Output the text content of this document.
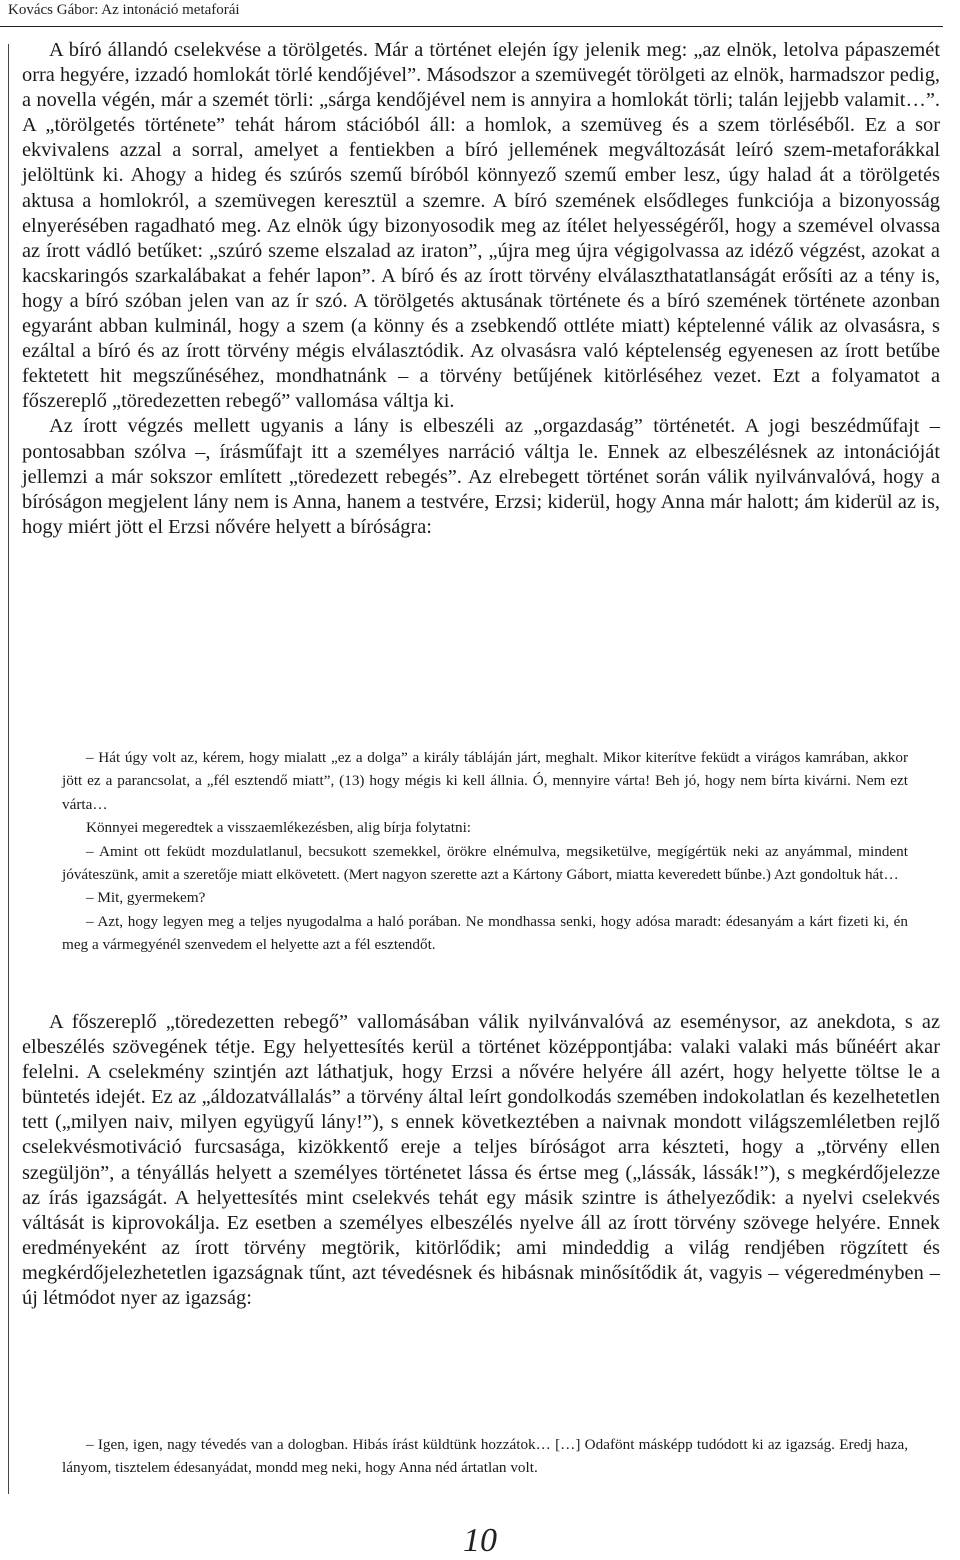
Kovács Gábor: Az intonáció metaforái

A bíró állandó cselekvése a törölgetés. Már a történet elején így jelenik meg: „az elnök, letolva pápaszemét orra hegyére, izzadó homlokát törlé kendőjével”. Másodszor a szemüvegét törölgeti az elnök, harmadszor pedig, a novella végén, már a szemét törli: „sárga kendőjével nem is annyira a homlokát törli; talán lejjebb valamit…”. A „törölgetés története” tehát három stációból áll: a homlok, a szemüveg és a szem törléséből. Ez a sor ekvivalens azzal a sorral, amelyet a fentiekben a bíró jellemének megváltozását leíró szem-metaforákkal jelöltünk ki. Ahogy a hideg és szúrós szemű bíróból könnyező szemű ember lesz, úgy halad át a törölgetés aktusa a homlokról, a szemüvegen keresztül a szemre. A bíró szemének elsődleges funkciója a bizonyosság elnyerésében ragadható meg. Az elnök úgy bizonyosodik meg az ítélet helyességéről, hogy a szemével olvassa az írott vádló betűket: „szúró szeme elszalad az iraton”, „újra meg újra végigolvassa az idéző végzést, azokat a kacskaringós szarkalábakat a fehér lapon”. A bíró és az írott törvény elválaszthatatlanságát erősíti az a tény is, hogy a bíró szóban jelen van az ír szó. A törölgetés aktusának története és a bíró szemének története azonban egyaránt abban kulminál, hogy a szem (a könny és a zsebkendő ottléte miatt) képtelenné válik az olvasásra, s ezáltal a bíró és az írott törvény mégis elválasztódik. Az olvasásra való képtelenség egyenesen az írott betűbe fektetett hit megszűnéséhez, mondhatnánk – a törvény betűjének kitörléséhez vezet. Ezt a folyamatot a főszereplő „töredezetten rebegő” vallomása váltja ki.

Az írott végzés mellett ugyanis a lány is elbeszéli az „orgazdaság” történetét. A jogi beszédműfajt – pontosabban szólva –, írásműfajt itt a személyes narráció váltja le. Ennek az elbeszélésnek az intonációját jellemzi a már sokszor említett „töredezett rebegés”. Az elrebegett történet során válik nyilvánvalóvá, hogy a bíróságon megjelent lány nem is Anna, hanem a testvére, Erzsi; kiderül, hogy Anna már halott; ám kiderül az is, hogy miért jött el Erzsi nővére helyett a bíróságra:

– Hát úgy volt az, kérem, hogy mialatt „ez a dolga” a király tábláján járt, meghalt. Mikor kiterítve feküdt a virágos kamrában, akkor jött ez a parancsolat, a „fél esztendő miatt”, (13) hogy mégis ki kell állnia. Ó, mennyire várta! Beh jó, hogy nem bírta kivárni. Nem ezt várta…

Könnyei megeredtek a visszaemlékezésben, alig bírja folytatni:

– Amint ott feküdt mozdulatlanul, becsukott szemekkel, örökre elnémulva, megsiketülve, megígértük neki az anyámmal, mindent jóváteszünk, amit a szeretője miatt elkövetett. (Mert nagyon szerette azt a Kártony Gábort, miatta keveredett bűnbe.) Azt gondoltuk hát…

– Mit, gyermekem?

– Azt, hogy legyen meg a teljes nyugodalma a haló porában. Ne mondhassa senki, hogy adósa maradt: édesanyám a kárt fizeti ki, én meg a vármegyénél szenvedem el helyette azt a fél esztendőt.

A főszereplő „töredezetten rebegő” vallomásában válik nyilvánvalóvá az eseménysor, az anekdota, s az elbeszélés szövegének tétje. Egy helyettesítés kerül a történet középpontjába: valaki valaki más bűnéért akar felelni. A cselekmény szintjén azt láthatjuk, hogy Erzsi a nővére helyére áll azért, hogy helyette töltse le a büntetés idejét. Ez az „áldozatvállalás” a törvény által leírt gondolkodás szemében indokolatlan és kezelhetetlen tett („milyen naiv, milyen együgyű lány!”), s ennek következtében a naivnak mondott világszemléletben rejlő cselekvésmotiváció furcsasága, kizökkentő ereje a teljes bíróságot arra készteti, hogy a „törvény ellen szegüljön”, a tényállás helyett a személyes történetet lássa és értse meg („lássák, lássák!”), s megkérdőjelezze az írás igazságát. A helyettesítés mint cselekvés tehát egy másik szintre is áthelyeződik: a nyelvi cselekvés váltását is kiprovokálja. Ez esetben a személyes elbeszélés nyelve áll az írott törvény szövege helyére. Ennek eredményeként az írott törvény megtörik, kitörlődik; ami mindeddig a világ rendjében rögzített és megkérdőjelezhetetlen igazságnak tűnt, azt tévedésnek és hibásnak minősítődik át, vagyis – végeredményben – új létmódot nyer az igazság:

– Igen, igen, nagy tévedés van a dologban. Hibás írást küldtünk hozzátok… […] Odafönt másképp tudódott ki az igazság. Eredj haza, lányom, tisztelem édesanyádat, mondd meg neki, hogy Anna néd ártatlan volt.

10
